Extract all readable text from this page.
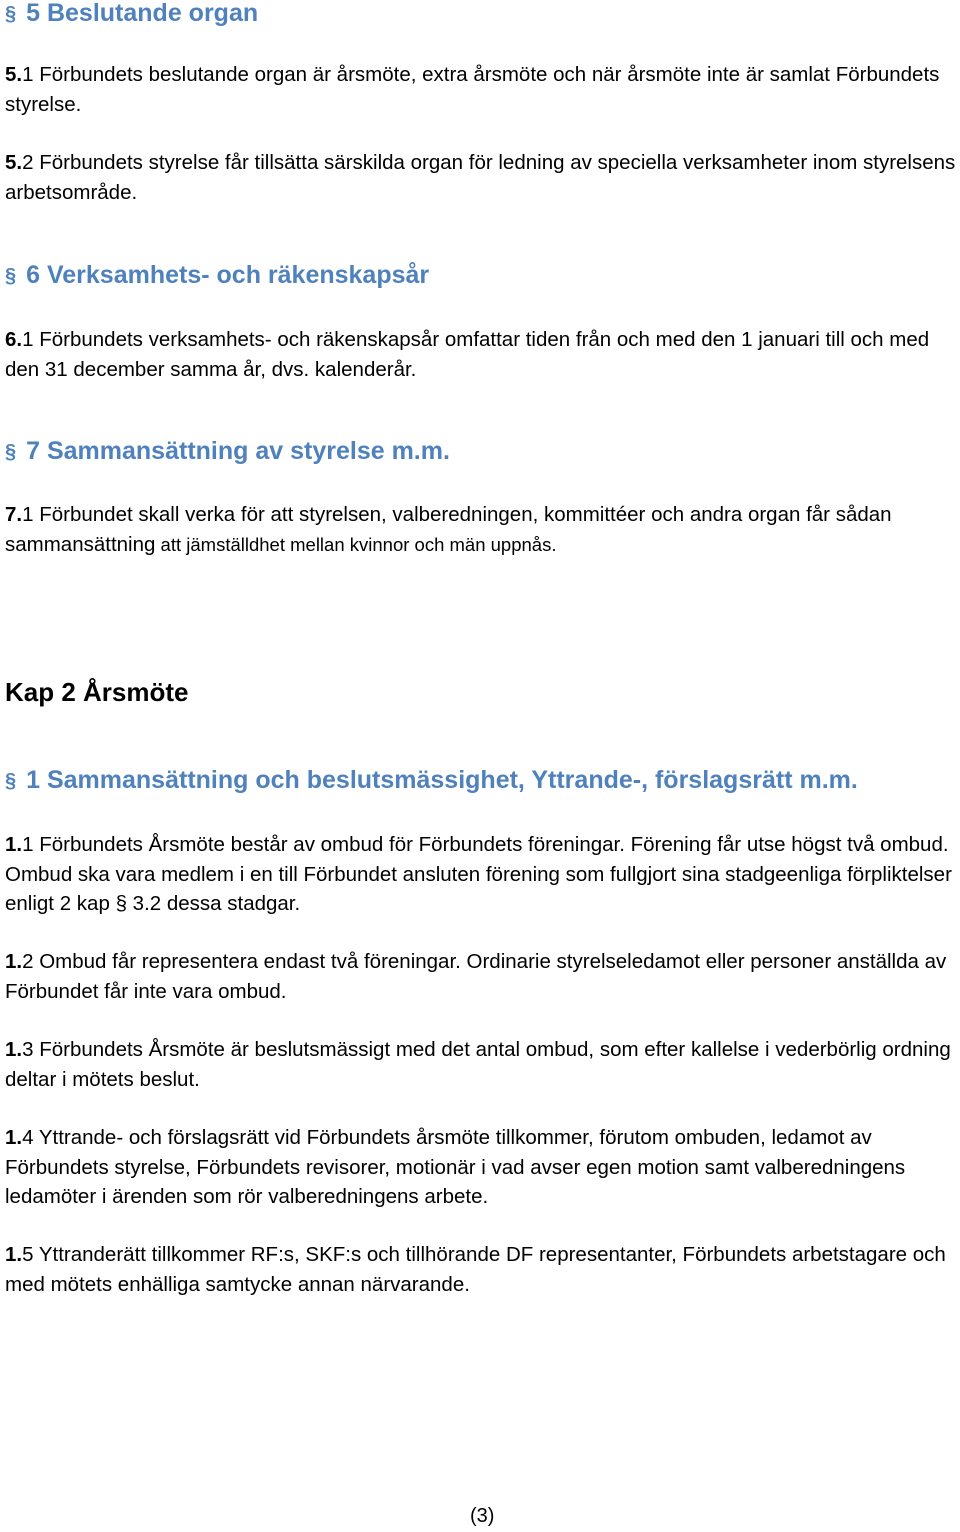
§ 5 Beslutande organ

5.1 Förbundets beslutande organ är årsmöte, extra årsmöte och när årsmöte inte är samlat Förbundets styrelse.

5.2 Förbundets styrelse får tillsätta särskilda organ för ledning av speciella verksamheter inom styrelsens arbetsområde.

§ 6 Verksamhets- och räkenskapsår

6.1 Förbundets verksamhets- och räkenskapsår omfattar tiden från och med den 1 januari till och med den 31 december samma år, dvs. kalenderår.

§ 7 Sammansättning av styrelse m.m.

7.1 Förbundet skall verka för att styrelsen, valberedningen, kommittéer och andra organ får sådan sammansättning att jämställdhet mellan kvinnor och män uppnås.

Kap 2 Årsmöte
§ 1 Sammansättning och beslutsmässighet, Yttrande-, förslagsrätt m.m.

1.1 Förbundets Årsmöte består av ombud för Förbundets föreningar. Förening får utse högst två ombud. Ombud ska vara medlem i en till Förbundet ansluten förening som fullgjort sina stadgeenliga förpliktelser enligt 2 kap § 3.2 dessa stadgar.

1.2 Ombud får representera endast två föreningar. Ordinarie styrelseledamot eller personer anställda av Förbundet får inte vara ombud.

1.3 Förbundets Årsmöte är beslutsmässigt med det antal ombud, som efter kallelse i vederbörlig ordning deltar i mötets beslut.

1.4 Yttrande- och förslagsrätt vid Förbundets årsmöte tillkommer, förutom ombuden, ledamot av Förbundets styrelse, Förbundets revisorer, motionär i vad avser egen motion samt valberedningens ledamöter i ärenden som rör valberedningens arbete.

1.5 Yttranderätt tillkommer RF:s, SKF:s och tillhörande DF representanter, Förbundets arbetstagare och med mötets enhälliga samtycke annan närvarande.

(3)
